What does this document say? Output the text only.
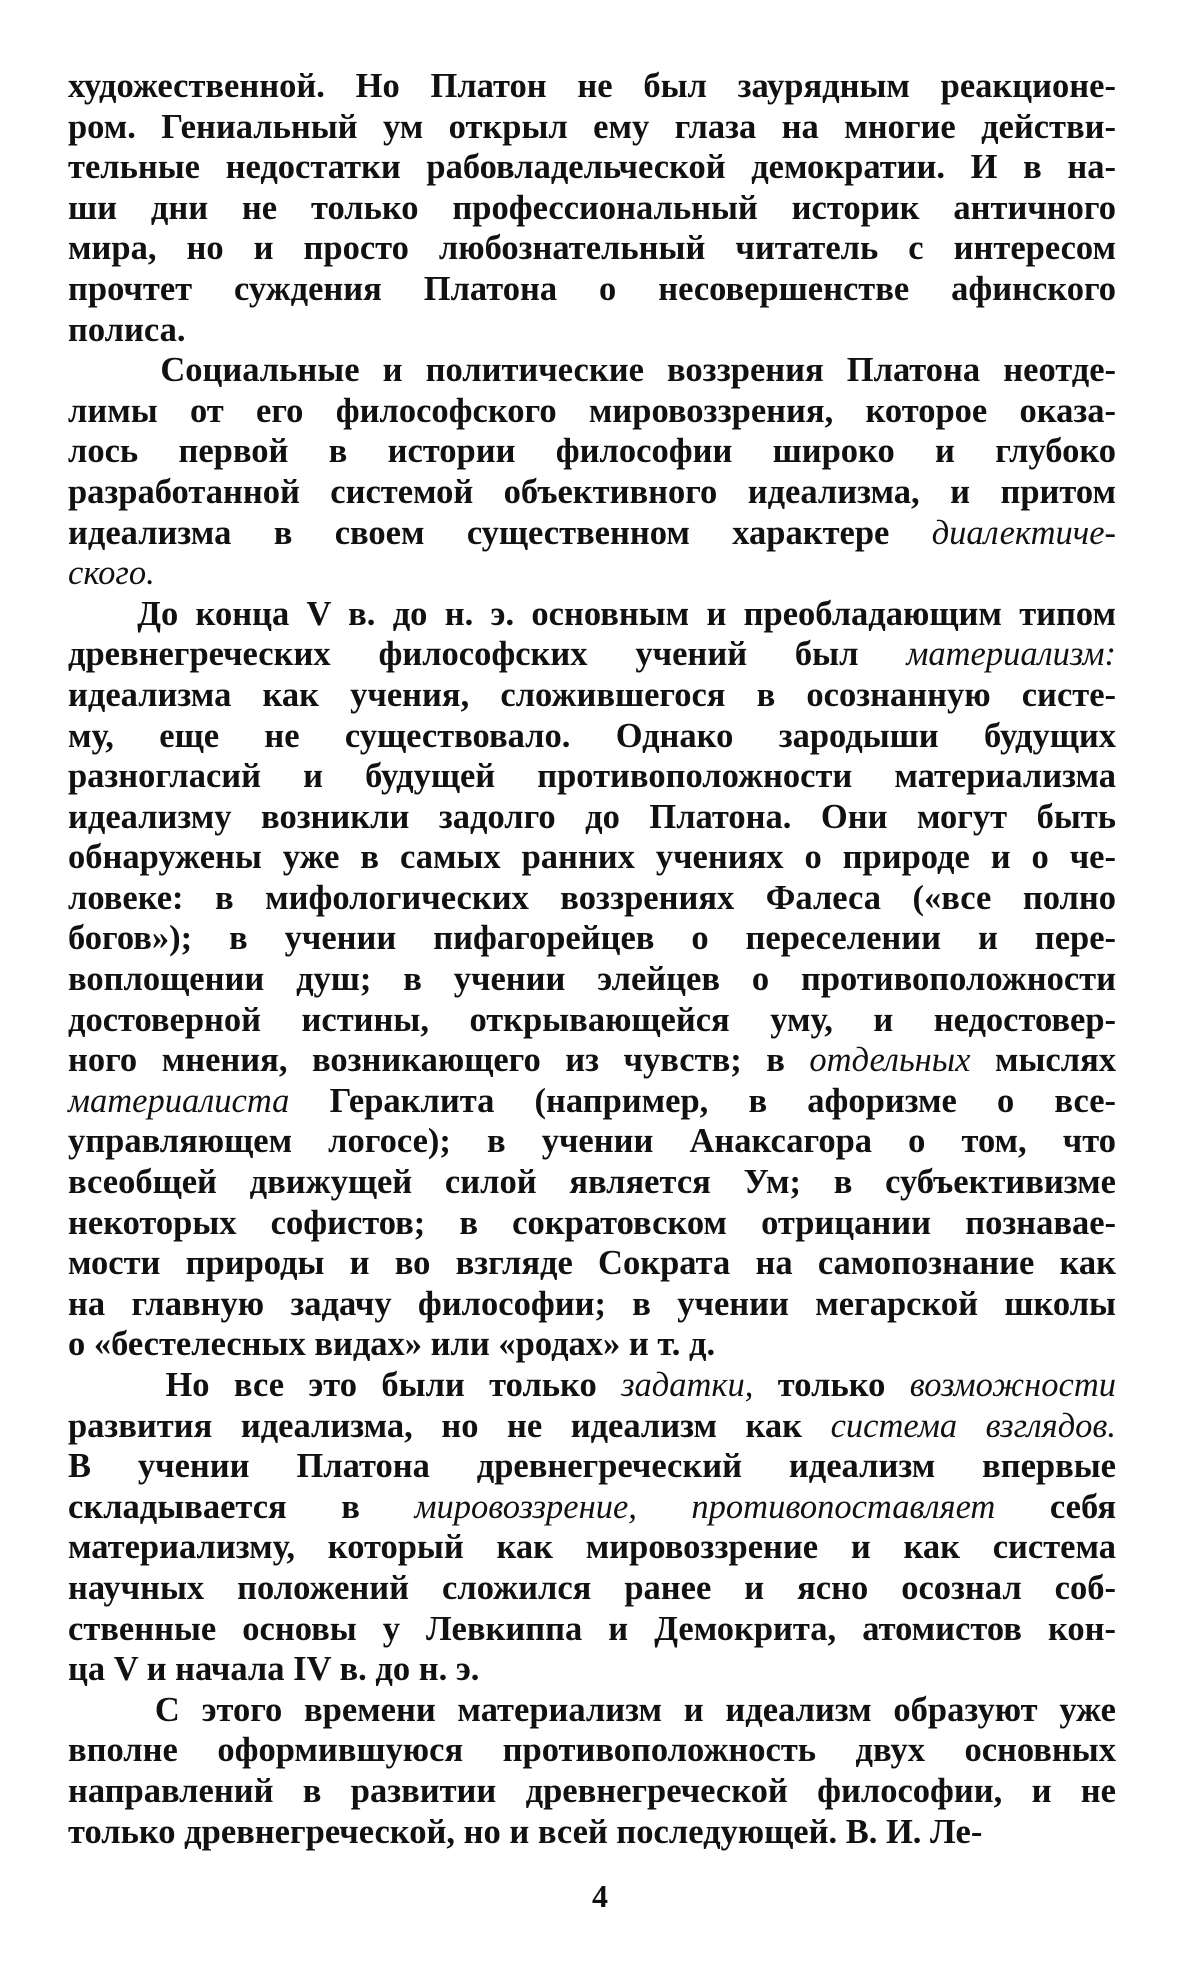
художественной. Но Платон не был заурядным реакционе-
ром. Гениальный ум открыл ему глаза на многие действи-
тельные недостатки рабовладельческой демократии. И в на-
ши дни не только профессиональный историк античного
мира, но и просто любознательный читатель с интересом
прочтет суждения Платона о несовершенстве афинского
полиса.
Социальные и политические воззрения Платона неотде-
лимы от его философского мировоззрения, которое оказа-
лось первой в истории философии широко и глубоко
разработанной системой объективного идеализма, и притом
идеализма в своем существенном характере диалектиче-
ского.
До конца V в. до н. э. основным и преобладающим типом
древнегреческих философских учений был материализм:
идеализма как учения, сложившегося в осознанную систе-
му, еще не существовало. Однако зародыши будущих
разногласий и будущей противоположности материализма
идеализму возникли задолго до Платона. Они могут быть
обнаружены уже в самых ранних учениях о природе и о че-
ловеке: в мифологических воззрениях Фалеса («все полно
богов»); в учении пифагорейцев о переселении и пере-
воплощении душ; в учении элейцев о противоположности
достоверной истины, открывающейся уму, и недостовер-
ного мнения, возникающего из чувств; в отдельных мыслях
материалиста Гераклита (например, в афоризме о все-
управляющем логосе); в учении Анаксагора о том, что
всеобщей движущей силой является Ум; в субъективизме
некоторых софистов; в сократовском отрицании познавае-
мости природы и во взгляде Сократа на самопознание как
на главную задачу философии; в учении мегарской школы
о «бестелесных видах» или «родах» и т. д.
Но все это были только задатки, только возможности
развития идеализма, но не идеализм как система взглядов.
В учении Платона древнегреческий идеализм впервые
складывается в мировоззрение, противопоставляет себя
материализму, который как мировоззрение и как система
научных положений сложился ранее и ясно осознал соб-
ственные основы у Левкиппа и Демокрита, атомистов кон-
ца V и начала IV в. до н. э.
С этого времени материализм и идеализм образуют уже
вполне оформившуюся противоположность двух основных
направлений в развитии древнегреческой философии, и не
только древнегреческой, но и всей последующей. В. И. Ле-
4
